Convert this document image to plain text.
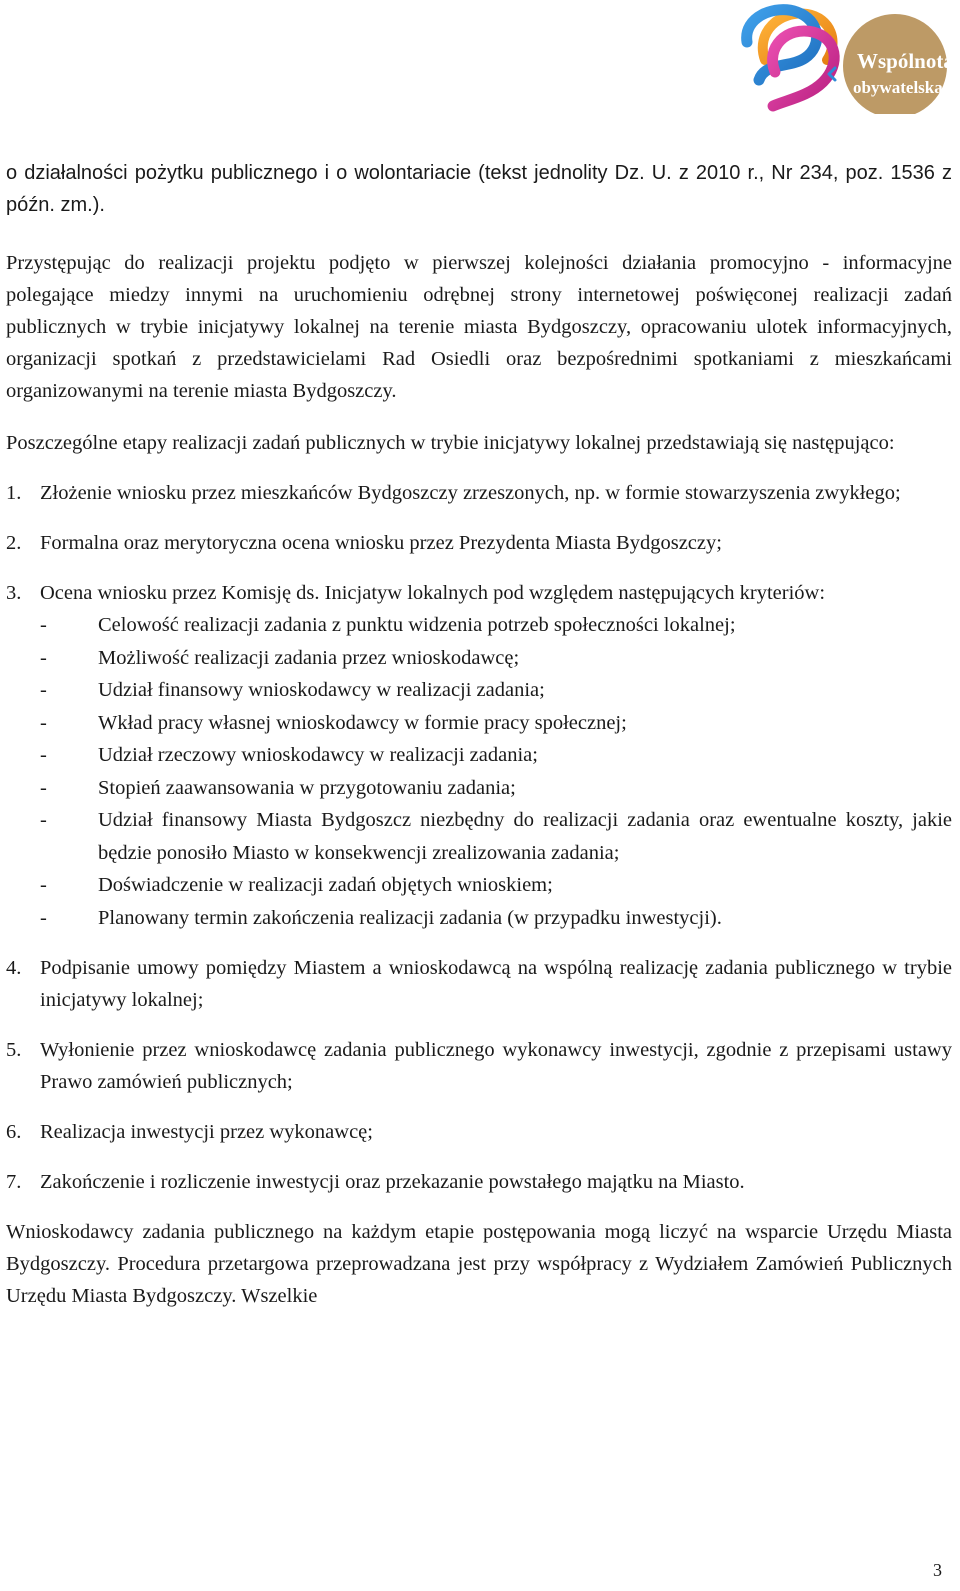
Wspólnota
obywatelska

o działalności pożytku publicznego i o wolontariacie (tekst jednolity Dz. U. z 2010 r., Nr 234, poz. 1536 z późn. zm.).

Przystępując do realizacji projektu podjęto w pierwszej kolejności działania promocyjno - informacyjne polegające miedzy innymi na uruchomieniu odrębnej strony internetowej poświęconej realizacji zadań publicznych w trybie inicjatywy lokalnej na terenie miasta Bydgoszczy, opracowaniu ulotek informacyjnych, organizacji spotkań z przedstawicielami Rad Osiedli oraz bezpośrednimi spotkaniami z mieszkańcami organizowanymi na terenie miasta Bydgoszczy.

Poszczególne etapy realizacji zadań publicznych w trybie inicjatywy lokalnej przedstawiają się następująco:

1. Złożenie wniosku przez mieszkańców Bydgoszczy zrzeszonych, np. w formie stowarzyszenia zwykłego;
2. Formalna oraz merytoryczna ocena wniosku przez Prezydenta Miasta Bydgoszczy;
3. Ocena wniosku przez Komisję ds. Inicjatyw lokalnych pod względem następujących kryteriów:
-	Celowość realizacji zadania z punktu widzenia potrzeb społeczności lokalnej;
-	Możliwość realizacji zadania przez wnioskodawcę;
-	Udział finansowy wnioskodawcy w realizacji zadania;
-	Wkład pracy własnej wnioskodawcy w formie pracy społecznej;
-	Udział rzeczowy wnioskodawcy w realizacji zadania;
-	Stopień zaawansowania w przygotowaniu zadania;
-	Udział finansowy Miasta Bydgoszcz niezbędny do realizacji zadania oraz ewentualne koszty, jakie będzie ponosiło Miasto w konsekwencji zrealizowania zadania;
-	Doświadczenie w realizacji zadań objętych wnioskiem;
-	Planowany termin zakończenia realizacji zadania (w przypadku inwestycji).
4. Podpisanie umowy pomiędzy Miastem a wnioskodawcą na wspólną realizację zadania publicznego w trybie inicjatywy lokalnej;
5. Wyłonienie przez wnioskodawcę zadania publicznego wykonawcy inwestycji, zgodnie z przepisami ustawy Prawo zamówień publicznych;
6. Realizacja inwestycji przez wykonawcę;
7. Zakończenie i rozliczenie inwestycji oraz przekazanie powstałego majątku na Miasto.

Wnioskodawcy zadania publicznego na każdym etapie postępowania mogą liczyć na wsparcie Urzędu Miasta Bydgoszczy. Procedura przetargowa przeprowadzana jest przy współpracy z Wydziałem Zamówień Publicznych Urzędu Miasta Bydgoszczy. Wszelkie

3
